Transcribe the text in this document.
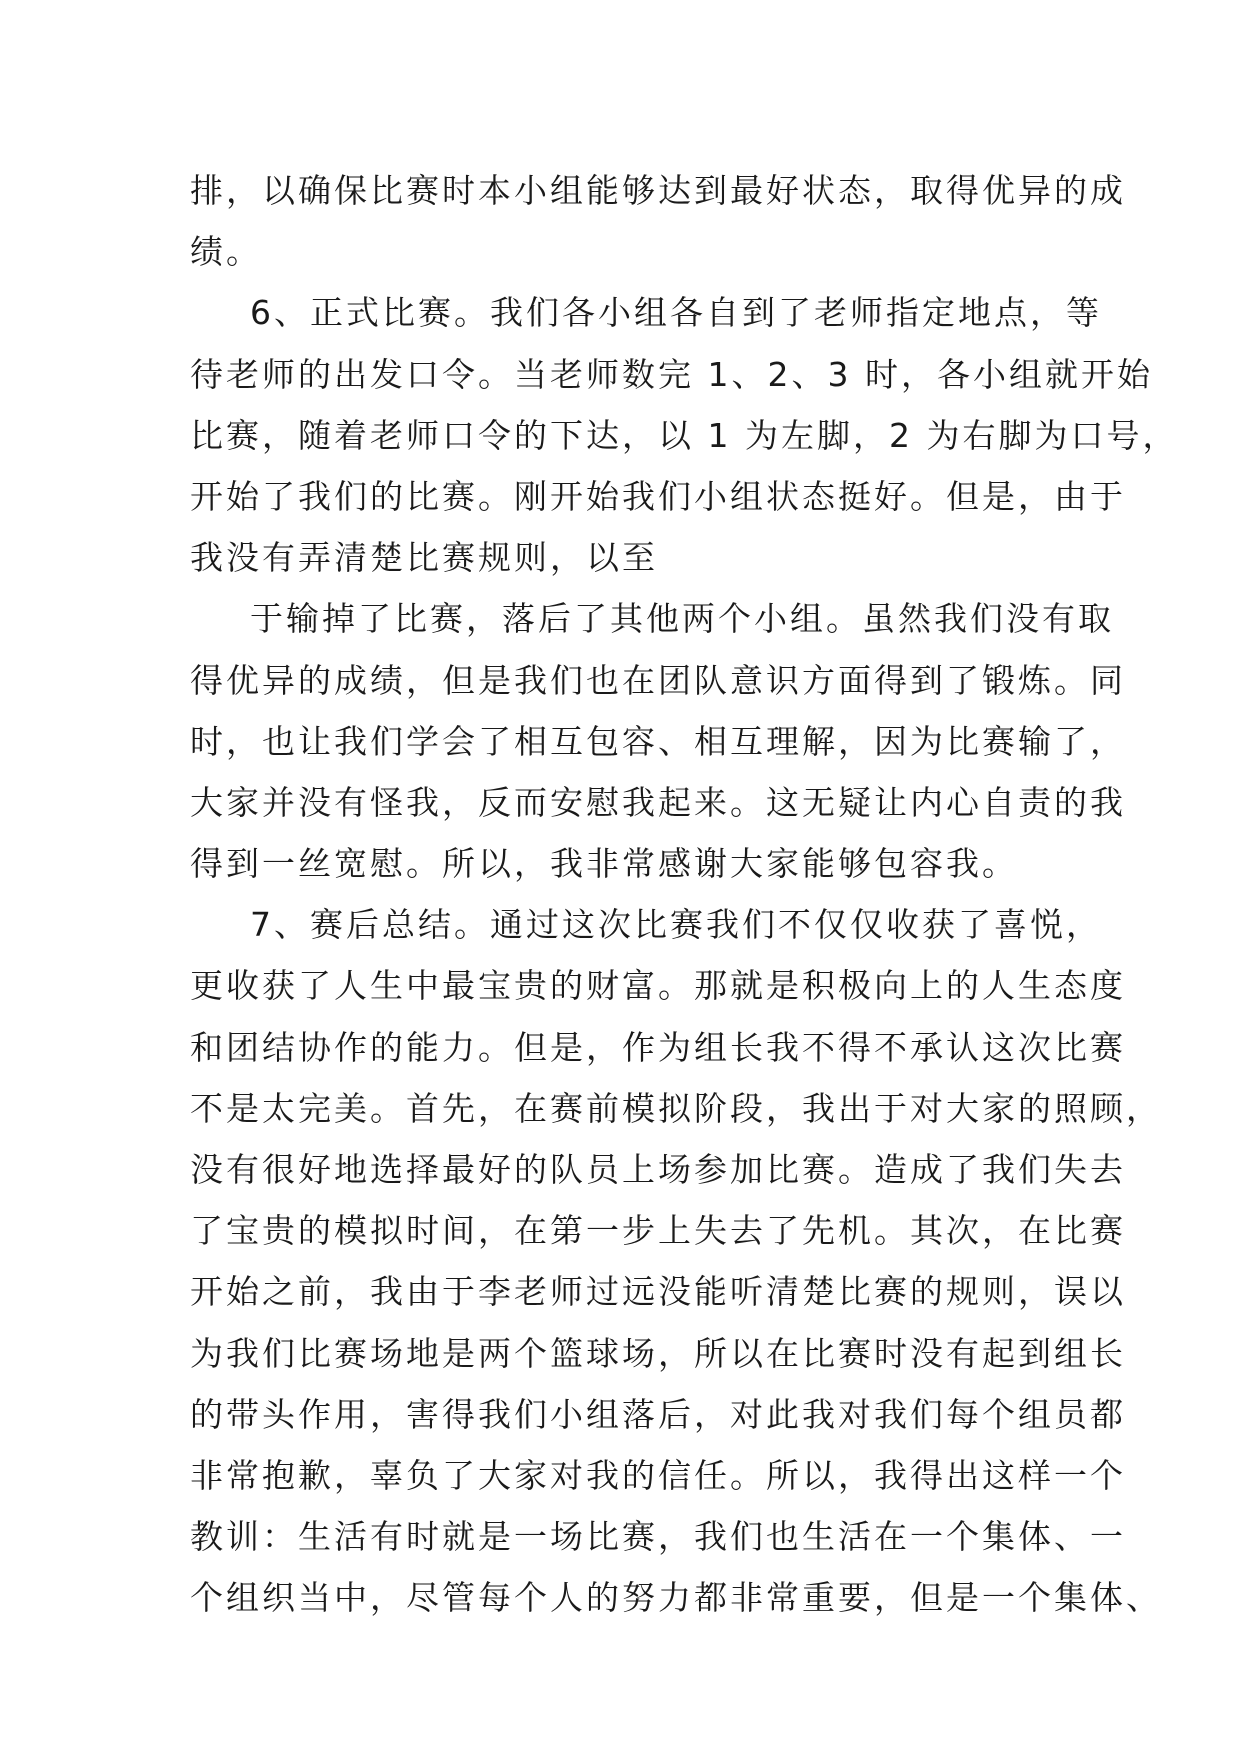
排，以确保比赛时本小组能够达到最好状态，取得优异的成
绩。

6、正式比赛。我们各小组各自到了老师指定地点，等
待老师的出发口令。当老师数完 1、2、3 时，各小组就开始
比赛，随着老师口令的下达，以 1 为左脚，2 为右脚为口号，
开始了我们的比赛。刚开始我们小组状态挺好。但是，由于
我没有弄清楚比赛规则，以至

于输掉了比赛，落后了其他两个小组。虽然我们没有取
得优异的成绩，但是我们也在团队意识方面得到了锻炼。同
时，也让我们学会了相互包容、相互理解，因为比赛输了，
大家并没有怪我，反而安慰我起来。这无疑让内心自责的我
得到一丝宽慰。所以，我非常感谢大家能够包容我。

7、赛后总结。通过这次比赛我们不仅仅收获了喜悦，
更收获了人生中最宝贵的财富。那就是积极向上的人生态度
和团结协作的能力。但是，作为组长我不得不承认这次比赛
不是太完美。首先，在赛前模拟阶段，我出于对大家的照顾，
没有很好地选择最好的队员上场参加比赛。造成了我们失去
了宝贵的模拟时间，在第一步上失去了先机。其次，在比赛
开始之前，我由于李老师过远没能听清楚比赛的规则，误以
为我们比赛场地是两个篮球场，所以在比赛时没有起到组长
的带头作用，害得我们小组落后，对此我对我们每个组员都
非常抱歉，辜负了大家对我的信任。所以，我得出这样一个
教训：生活有时就是一场比赛，我们也生活在一个集体、一
个组织当中，尽管每个人的努力都非常重要，但是一个集体、
